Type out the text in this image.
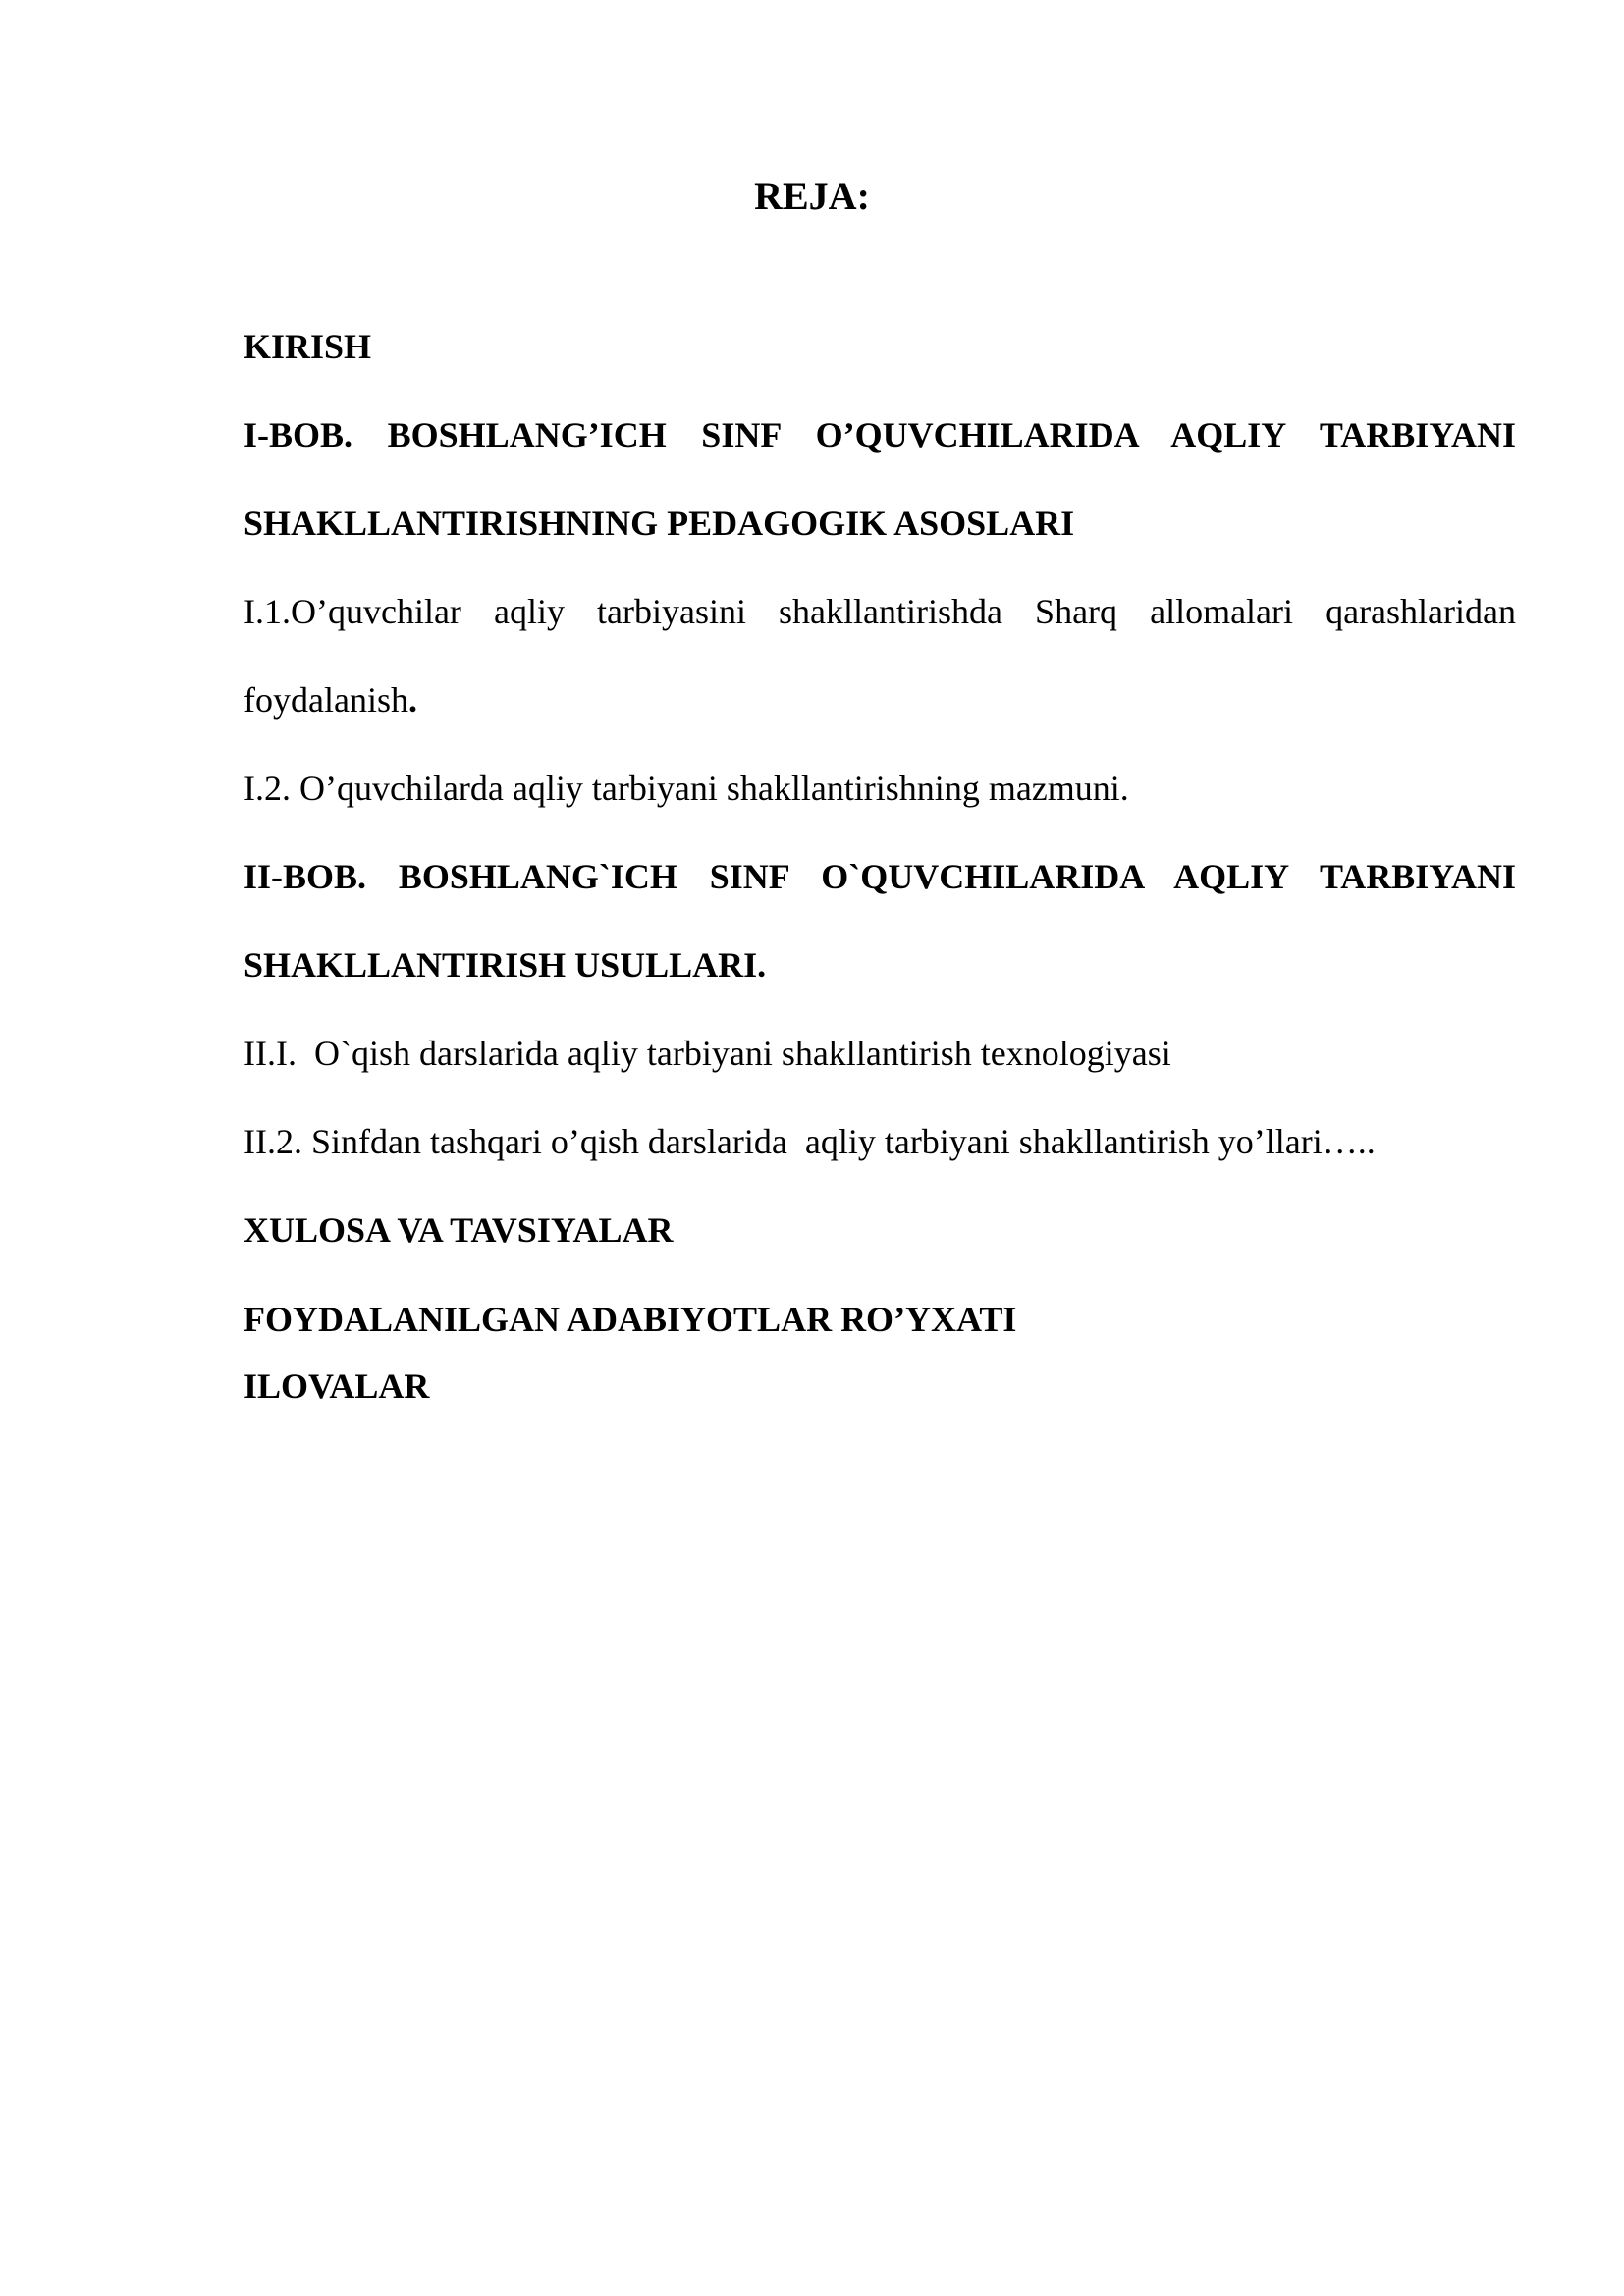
REJA:

KIRISH

I-BOB. BOSHLANG’ICH SINF O’QUVCHILARIDA AQLIY TARBIYANI

SHAKLLANTIRISHNING PEDAGOGIK ASOSLARI

I.1.O’quvchilar aqliy tarbiyasini shakllantirishda Sharq allomalari qarashlaridan

foydalanish.

I.2. O’quvchilarda aqliy tarbiyani shakllantirishning mazmuni.

II-BOB. BOSHLANG`ICH SINF O`QUVCHILARIDA AQLIY TARBIYANI

SHAKLLANTIRISH USULLARI.

II.I.  O`qish darslarida aqliy tarbiyani shakllantirish texnologiyasi

II.2. Sinfdan tashqari o’qish darslarida  aqliy tarbiyani shakllantirish yo’llari…..

XULOSA VA TAVSIYALAR

FOYDALANILGAN ADABIYOTLAR RO’YXATI

ILOVALAR
